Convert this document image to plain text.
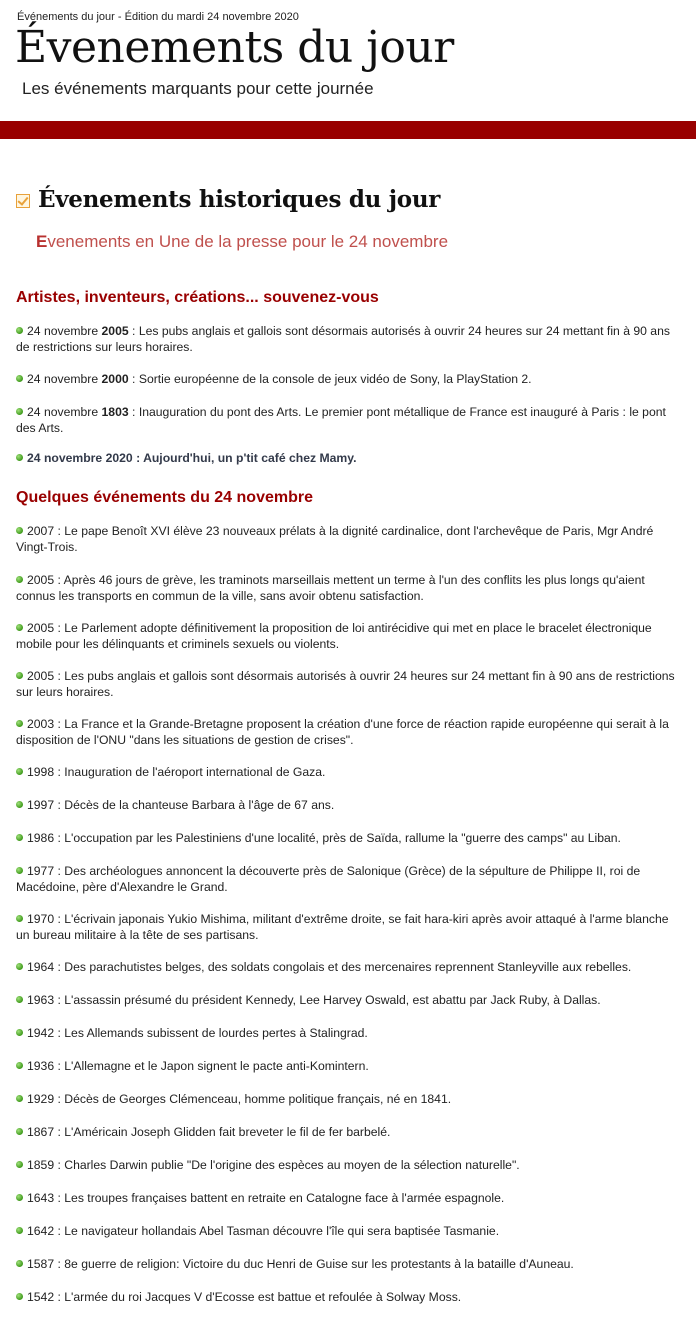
Événements du jour - Édition du mardi 24 novembre 2020
Évenements du jour

Les événements marquants pour cette journée

Évenements historiques du jour
Evenements en Une de la presse pour le 24 novembre
Artistes, inventeurs, créations... souvenez-vous
24 novembre 2005 : Les pubs anglais et gallois sont désormais autorisés à ouvrir 24 heures sur 24 mettant fin à 90 ans de restrictions sur leurs horaires.
24 novembre 2000 : Sortie européenne de la console de jeux vidéo de Sony, la PlayStation 2.
24 novembre 1803 : Inauguration du pont des Arts. Le premier pont métallique de France est inauguré à Paris : le pont des Arts.
24 novembre 2020 : Aujourd'hui, un p'tit café chez Mamy.
Quelques événements du 24 novembre
2007 : Le pape Benoît XVI élève 23 nouveaux prélats à la dignité cardinalice, dont l'archevêque de Paris, Mgr André Vingt-Trois.
2005 : Après 46 jours de grève, les traminots marseillais mettent un terme à l'un des conflits les plus longs qu'aient connus les transports en commun de la ville, sans avoir obtenu satisfaction.
2005 : Le Parlement adopte définitivement la proposition de loi antirécidive qui met en place le bracelet électronique mobile pour les délinquants et criminels sexuels ou violents.
2005 : Les pubs anglais et gallois sont désormais autorisés à ouvrir 24 heures sur 24 mettant fin à 90 ans de restrictions sur leurs horaires.
2003 : La France et la Grande-Bretagne proposent la création d'une force de réaction rapide européenne qui serait à la disposition de l'ONU "dans les situations de gestion de crises".
1998 : Inauguration de l'aéroport international de Gaza.
1997 : Décès de la chanteuse Barbara à l'âge de 67 ans.
1986 : L'occupation par les Palestiniens d'une localité, près de Saïda, rallume la "guerre des camps" au Liban.
1977 : Des archéologues annoncent la découverte près de Salonique (Grèce) de la sépulture de Philippe II, roi de Macédoine, père d'Alexandre le Grand.
1970 : L'écrivain japonais Yukio Mishima, militant d'extrême droite, se fait hara-kiri après avoir attaqué à l'arme blanche un bureau militaire à la tête de ses partisans.
1964 : Des parachutistes belges, des soldats congolais et des mercenaires reprennent Stanleyville aux rebelles.
1963 : L'assassin présumé du président Kennedy, Lee Harvey Oswald, est abattu par Jack Ruby, à Dallas.
1942 : Les Allemands subissent de lourdes pertes à Stalingrad.
1936 : L'Allemagne et le Japon signent le pacte anti-Komintern.
1929 : Décès de Georges Clémenceau, homme politique français, né en 1841.
1867 : L'Américain Joseph Glidden fait breveter le fil de fer barbelé.
1859 : Charles Darwin publie "De l'origine des espèces au moyen de la sélection naturelle".
1643 : Les troupes françaises battent en retraite en Catalogne face à l'armée espagnole.
1642 : Le navigateur hollandais Abel Tasman découvre l'île qui sera baptisée Tasmanie.
1587 : 8e guerre de religion: Victoire du duc Henri de Guise sur les protestants à la bataille d'Auneau.
1542 : L'armée du roi Jacques V d'Ecosse est battue et refoulée à Solway Moss.
